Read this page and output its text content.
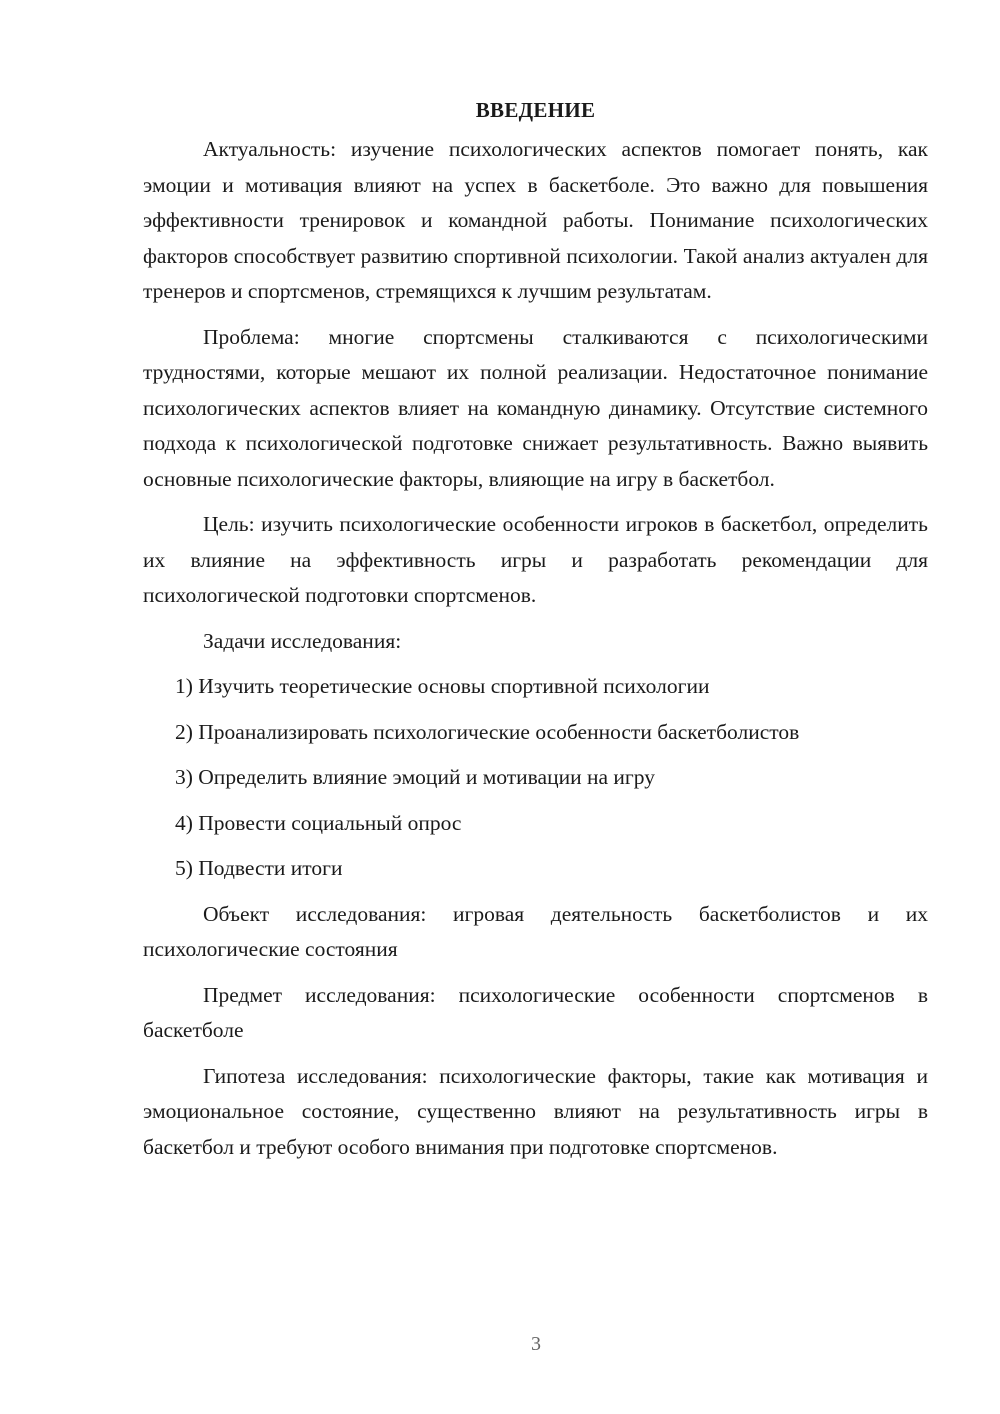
ВВЕДЕНИЕ

Актуальность: изучение психологических аспектов помогает понять, как эмоции и мотивация влияют на успех в баскетболе. Это важно для повышения эффективности тренировок и командной работы. Понимание психологических факторов способствует развитию спортивной психологии. Такой анализ актуален для тренеров и спортсменов, стремящихся к лучшим результатам.

Проблема: многие спортсмены сталкиваются с психологическими трудностями, которые мешают их полной реализации. Недостаточное понимание психологических аспектов влияет на командную динамику. Отсутствие системного подхода к психологической подготовке снижает результативность. Важно выявить основные психологические факторы, влияющие на игру в баскетбол.

Цель: изучить психологические особенности игроков в баскетбол, определить их влияние на эффективность игры и разработать рекомендации для психологической подготовки спортсменов.

Задачи исследования:

1) Изучить теоретические основы спортивной психологии

2) Проанализировать психологические особенности баскетболистов

3) Определить влияние эмоций и мотивации на игру

4) Провести социальный опрос

5) Подвести итоги

Объект исследования: игровая деятельность баскетболистов и их психологические состояния

Предмет исследования: психологические особенности спортсменов в баскетболе

Гипотеза исследования: психологические факторы, такие как мотивация и эмоциональное состояние, существенно влияют на результативность игры в баскетбол и требуют особого внимания при подготовке спортсменов.

3
